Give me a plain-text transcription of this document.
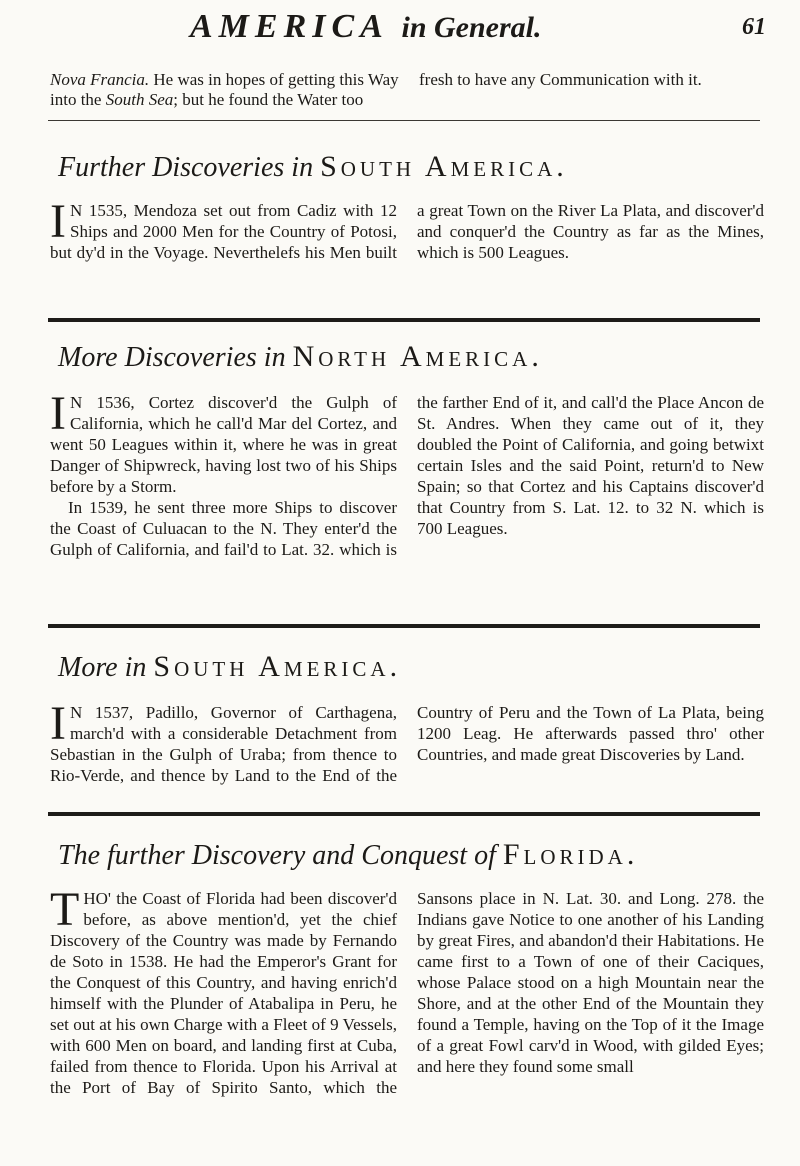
AMERICA in General.	61
Nova Francia. He was in hopes of getting this Way into the South Sea; but he found the Water too fresh to have any Communication with it.
Further Discoveries in South America.

I N 1535, Mendoza set out from Cadiz with 12 Ships and 2000 Men for the Country of Potosi, but dy'd in the Voyage. Neverthelefs his Men built a great Town on the River La Plata, and discover'd and conquer'd the Country as far as the Mines, which is 500 Leagues.

More Discoveries in North America.

I N 1536, Cortez discover'd the Gulph of California, which he call'd Mar del Cortez, and went 50 Leagues within it, where he was in great Danger of Shipwreck, having lost two of his Ships before by a Storm.

In 1539, he sent three more Ships to discover the Coast of Culuacan to the N. They enter'd the Gulph of California, and fail'd to Lat. 32. which is the farther End of it, and call'd the Place Ancon de St. Andres. When they came out of it, they doubled the Point of California, and going betwixt certain Isles and the said Point, return'd to New Spain; so that Cortez and his Captains discover'd that Country from S. Lat. 12. to 32 N. which is 700 Leagues.

More in South America.

I N 1537, Padillo, Governor of Carthagena, march'd with a considerable Detachment from Sebastian in the Gulph of Uraba; from thence to Rio-Verde, and thence by Land to the End of the Country of Peru and the Town of La Plata, being 1200 Leag. He afterwards passed thro' other Countries, and made great Discoveries by Land.

The further Discovery and Conquest of Florida.

THO' the Coast of Florida had been discover'd before, as above mention'd, yet the chief Discovery of the Country was made by Fernando de Soto in 1538. He had the Emperor's Grant for the Conquest of this Country, and having enrich'd himself with the Plunder of Atabalipa in Peru, he set out at his own Charge with a Fleet of 9 Vessels, with 600 Men on board, and landing first at Cuba, failed from thence to Florida. Upon his Arrival at the Port of Bay of Spirito Santo, which the Sansons place in N. Lat. 30. and Long. 278. the Indians gave Notice to one another of his Landing by great Fires, and abandon'd their Habitations. He came first to a Town of one of their Caciques, whose Palace stood on a high Mountain near the Shore, and at the other End of the Mountain they found a Temple, having on the Top of it the Image of a great Fowl carv'd in Wood, with gilded Eyes; and here they found some small
